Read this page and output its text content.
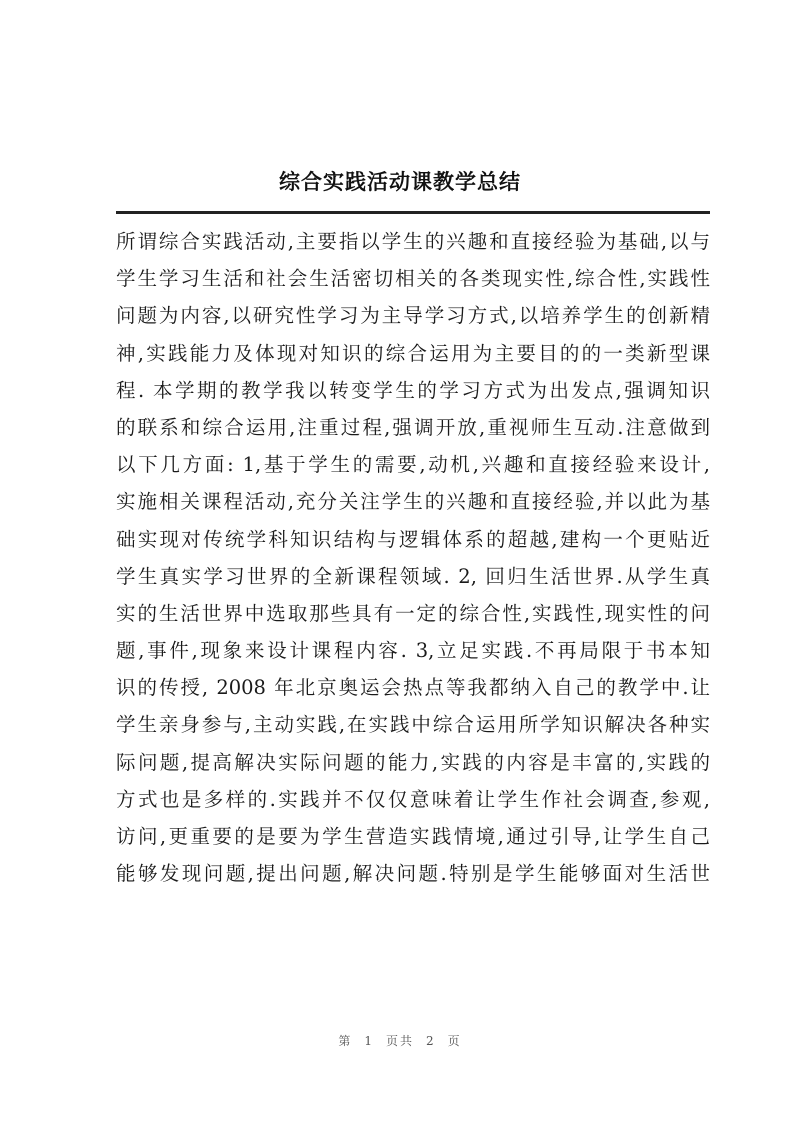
综合实践活动课教学总结
所谓综合实践活动,主要指以学生的兴趣和直接经验为基础,以与
学生学习生活和社会生活密切相关的各类现实性,综合性,实践性
问题为内容,以研究性学习为主导学习方式,以培养学生的创新精
神,实践能力及体现对知识的综合运用为主要目的的一类新型课
程. 本学期的教学我以转变学生的学习方式为出发点,强调知识
的联系和综合运用,注重过程,强调开放,重视师生互动.注意做到
以下几方面: 1,基于学生的需要,动机,兴趣和直接经验来设计,
实施相关课程活动,充分关注学生的兴趣和直接经验,并以此为基
础实现对传统学科知识结构与逻辑体系的超越,建构一个更贴近
学生真实学习世界的全新课程领域. 2, 回归生活世界.从学生真
实的生活世界中选取那些具有一定的综合性,实践性,现实性的问
题,事件,现象来设计课程内容. 3,立足实践.不再局限于书本知
识的传授, 2008 年北京奥运会热点等我都纳入自己的教学中.让
学生亲身参与,主动实践,在实践中综合运用所学知识解决各种实
际问题,提高解决实际问题的能力,实践的内容是丰富的,实践的
方式也是多样的.实践并不仅仅意味着让学生作社会调查,参观,
访问,更重要的是要为学生营造实践情境,通过引导,让学生自己
能够发现问题,提出问题,解决问题.特别是学生能够面对生活世
第 1 页共 2 页
